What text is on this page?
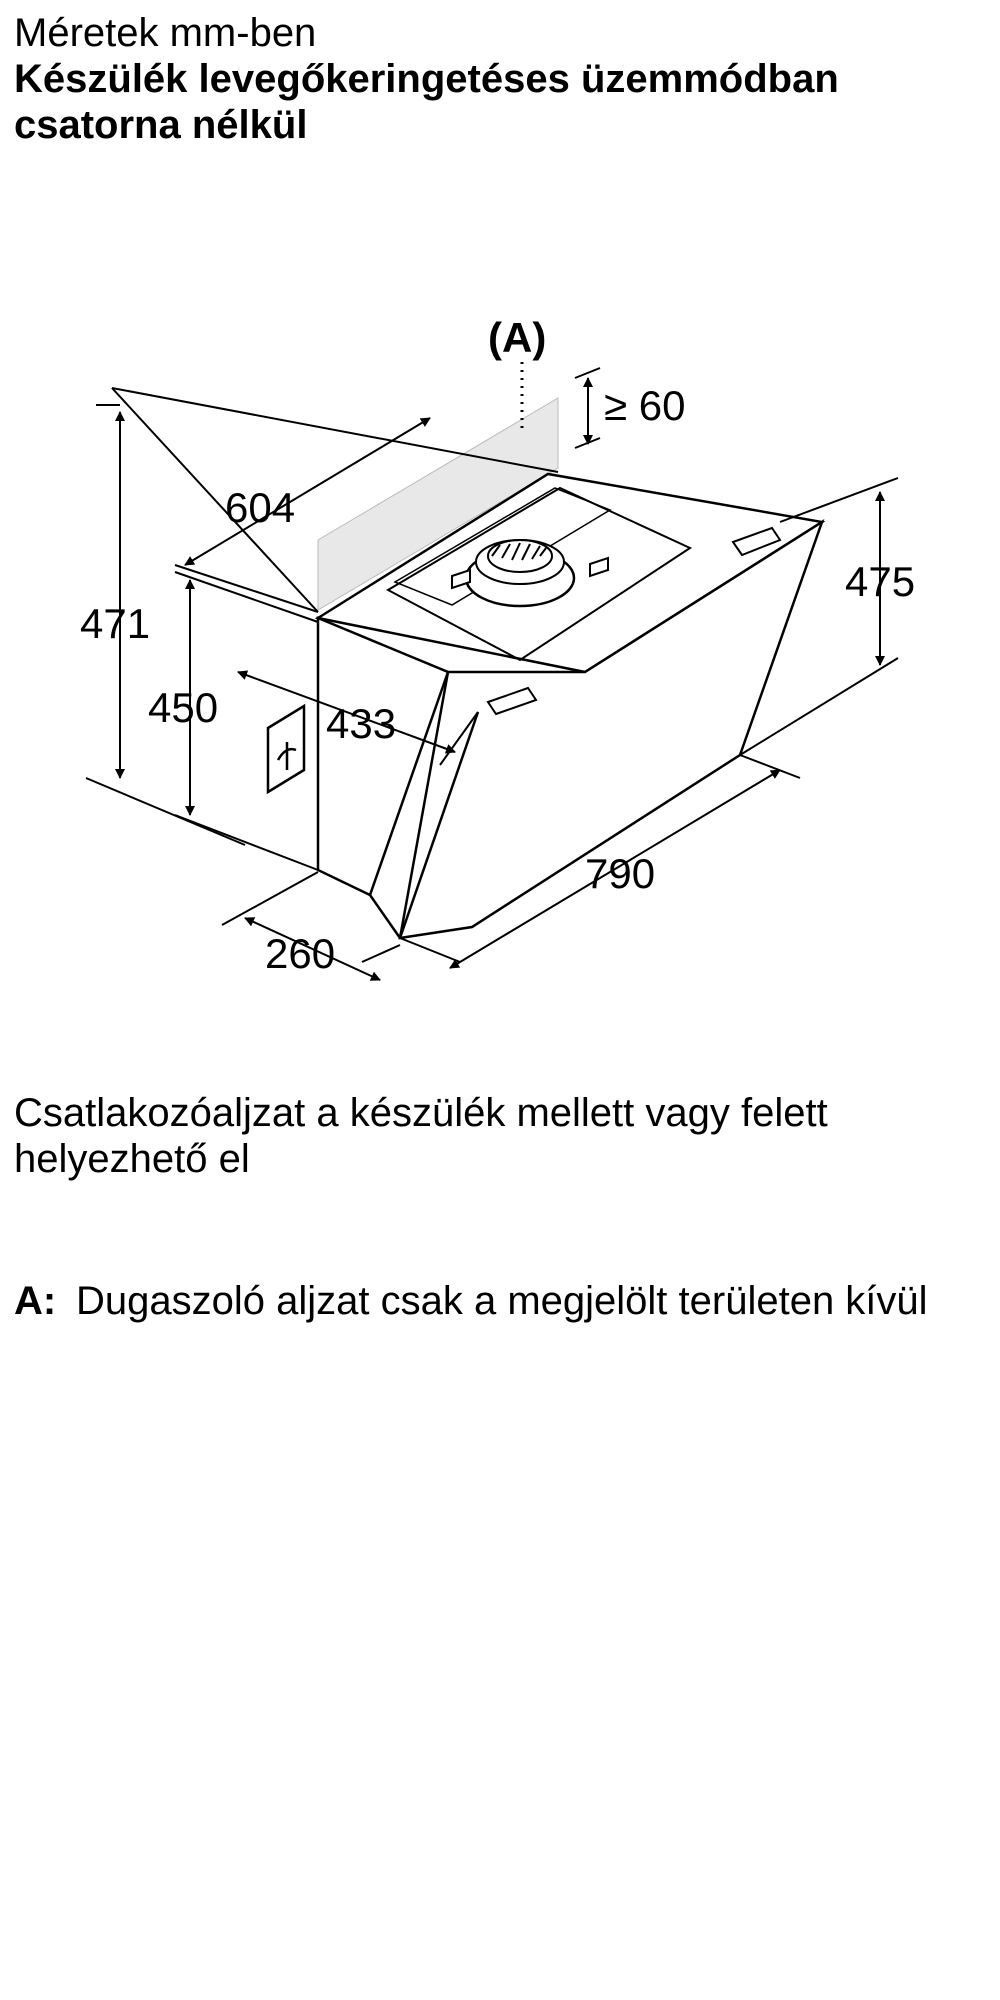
Méretek mm-ben

Készülék levegőkeringetéses üzemmódban csatorna nélkül

(A)
≥ 60
604
471
450	433
475
790
260

Csatlakozóaljzat a készülék mellett vagy felett helyezhető el

A: Dugaszoló aljzat csak a megjelölt területen kívül
